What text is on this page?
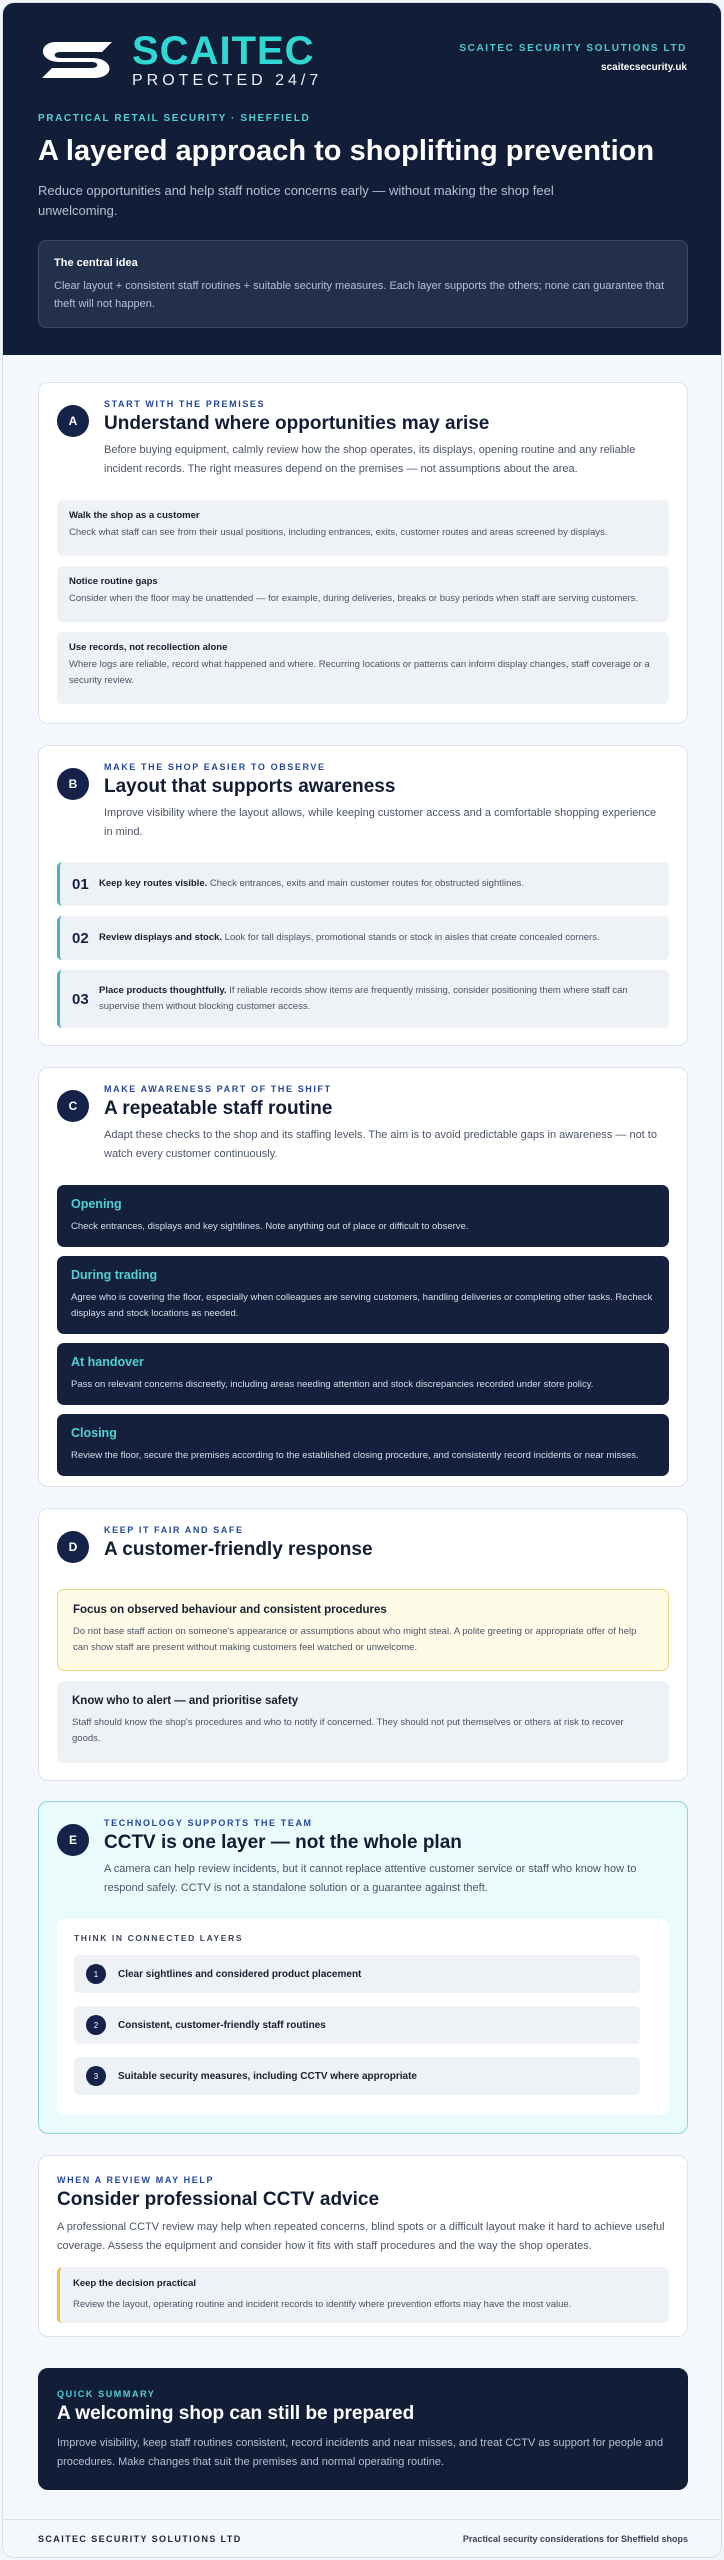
SCAITEC
PROTECTED 24/7
SCAITEC SECURITY SOLUTIONS LTD
scaitecsecurity.uk
PRACTICAL RETAIL SECURITY · SHEFFIELD
A layered approach to shoplifting prevention

Reduce opportunities and help staff notice concerns early — without making the shop feel unwelcoming.

The central idea
Clear layout + consistent staff routines + suitable security measures. Each layer supports the others; none can guarantee that theft will not happen.
A
START WITH THE PREMISES
Understand where opportunities may arise

Before buying equipment, calmly review how the shop operates, its displays, opening routine and any reliable incident records. The right measures depend on the premises — not assumptions about the area.

Walk the shop as a customer
Check what staff can see from their usual positions, including entrances, exits, customer routes and areas screened by displays.
Notice routine gaps
Consider when the floor may be unattended — for example, during deliveries, breaks or busy periods when staff are serving customers.
Use records, not recollection alone
Where logs are reliable, record what happened and where. Recurring locations or patterns can inform display changes, staff coverage or a security review.
B
MAKE THE SHOP EASIER TO OBSERVE
Layout that supports awareness

Improve visibility where the layout allows, while keeping customer access and a comfortable shopping experience in mind.

01	Keep key routes visible. Check entrances, exits and main customer routes for obstructed sightlines.
02	Review displays and stock. Look for tall displays, promotional stands or stock in aisles that create concealed corners.
03	Place products thoughtfully. If reliable records show items are frequently missing, consider positioning them where staff can supervise them without blocking customer access.
C
MAKE AWARENESS PART OF THE SHIFT
A repeatable staff routine

Adapt these checks to the shop and its staffing levels. The aim is to avoid predictable gaps in awareness — not to watch every customer continuously.

Opening
Check entrances, displays and key sightlines. Note anything out of place or difficult to observe.
During trading
Agree who is covering the floor, especially when colleagues are serving customers, handling deliveries or completing other tasks. Recheck displays and stock locations as needed.
At handover
Pass on relevant concerns discreetly, including areas needing attention and stock discrepancies recorded under store policy.
Closing
Review the floor, secure the premises according to the established closing procedure, and consistently record incidents or near misses.
D
KEEP IT FAIR AND SAFE
A customer-friendly response
Focus on observed behaviour and consistent procedures
Do not base staff action on someone's appearance or assumptions about who might steal. A polite greeting or appropriate offer of help can show staff are present without making customers feel watched or unwelcome.
Know who to alert — and prioritise safety
Staff should know the shop's procedures and who to notify if concerned. They should not put themselves or others at risk to recover goods.
E
TECHNOLOGY SUPPORTS THE TEAM
CCTV is one layer — not the whole plan

A camera can help review incidents, but it cannot replace attentive customer service or staff who know how to respond safely. CCTV is not a standalone solution or a guarantee against theft.

THINK IN CONNECTED LAYERS
1	Clear sightlines and considered product placement
2	Consistent, customer-friendly staff routines
3	Suitable security measures, including CCTV where appropriate
WHEN A REVIEW MAY HELP
Consider professional CCTV advice

A professional CCTV review may help when repeated concerns, blind spots or a difficult layout make it hard to achieve useful coverage. Assess the equipment and consider how it fits with staff procedures and the way the shop operates.

Keep the decision practical
Review the layout, operating routine and incident records to identify where prevention efforts may have the most value.
QUICK SUMMARY
A welcoming shop can still be prepared

Improve visibility, keep staff routines consistent, record incidents and near misses, and treat CCTV as support for people and procedures. Make changes that suit the premises and normal operating routine.

SCAITEC SECURITY SOLUTIONS LTD	Practical security considerations for Sheffield shops
